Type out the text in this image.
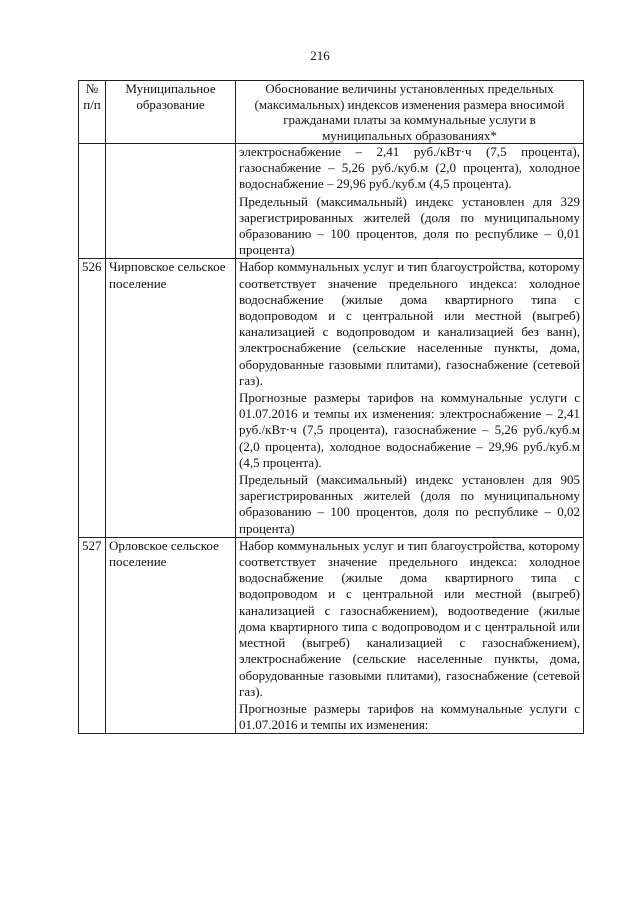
216
№ п/п	Муниципальное образование	Обоснование величины установленных предельных (максимальных) индексов изменения размера вносимой гражданами платы за коммунальные услуги в муниципальных образованиях*

		электроснабжение – 2,41 руб./кВт·ч (7,5 процента), газоснабжение – 5,26 руб./куб.м (2,0 процента), холодное водоснабжение – 29,96 руб./куб.м (4,5 процента).

Предельный (максимальный) индекс установлен для 329 зарегистрированных жителей (доля по муниципальному образованию – 100 процентов, доля по республике – 0,01 процента)

526	Чирповское сельское поселение	Набор коммунальных услуг и тип благоустройства, которому соответствует значение предельного индекса: холодное водоснабжение (жилые дома квартирного типа с водопроводом и с центральной или местной (выгреб) канализацией с водопроводом и канализацией без ванн), электроснабжение (сельские населенные пункты, дома, оборудованные газовыми плитами), газоснабжение (сетевой газ).

Прогнозные размеры тарифов на коммунальные услуги с 01.07.2016 и темпы их изменения: электроснабжение – 2,41 руб./кВт·ч (7,5 процента), газоснабжение – 5,26 руб./куб.м (2,0 процента), холодное водоснабжение – 29,96 руб./куб.м (4,5 процента).

Предельный (максимальный) индекс установлен для 905 зарегистрированных жителей (доля по муниципальному образованию – 100 процентов, доля по республике – 0,02 процента)

527	Орловское сельское поселение	Набор коммунальных услуг и тип благоустройства, которому соответствует значение предельного индекса: холодное водоснабжение (жилые дома квартирного типа с водопроводом и с центральной или местной (выгреб) канализацией с газоснабжением), водоотведение (жилые дома квартирного типа с водопроводом и с центральной или местной (выгреб) канализацией с газоснабжением), электроснабжение (сельские населенные пункты, дома, оборудованные газовыми плитами), газоснабжение (сетевой газ).

Прогнозные размеры тарифов на коммунальные услуги с 01.07.2016 и темпы их изменения:
